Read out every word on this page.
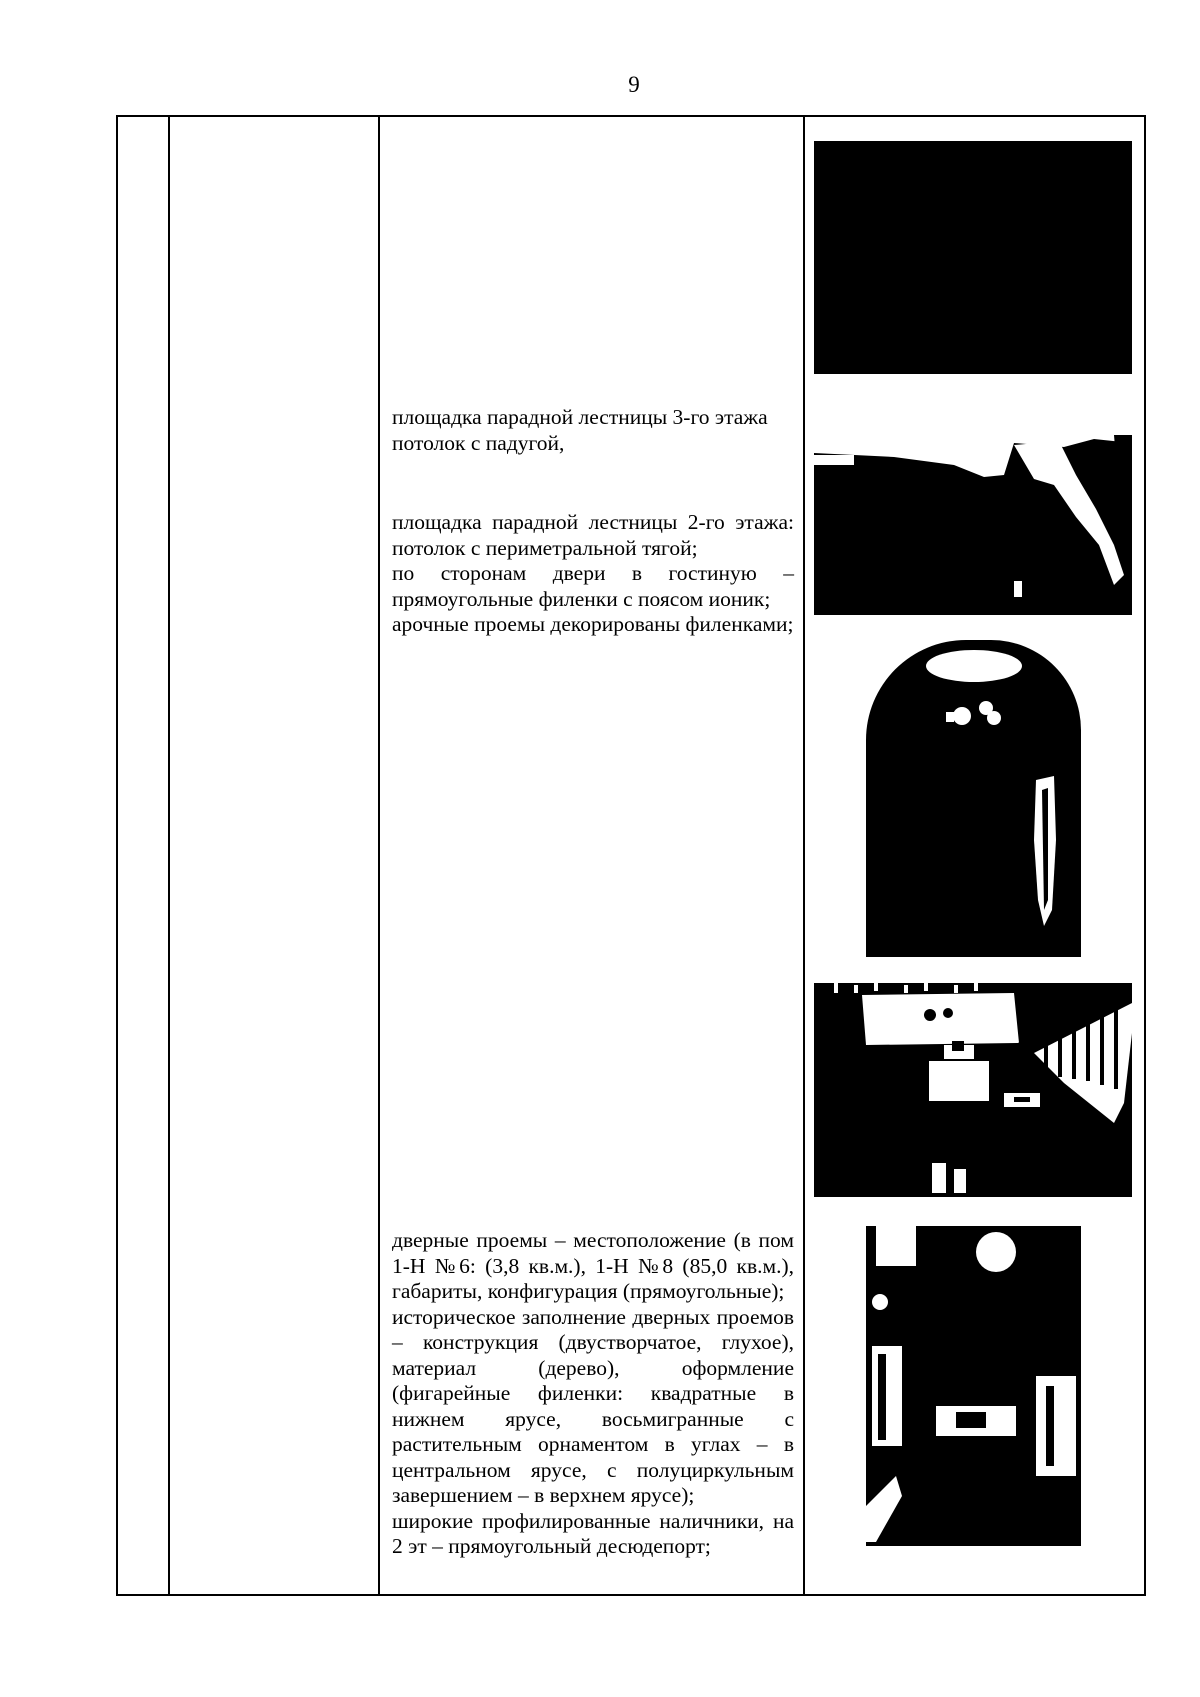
9

площадка парадной лестницы 3-го этажа

потолок с падугой,

площадка парадной лестницы 2-го этажа: потолок с периметральной тягой;

по сторонам двери в гостиную – прямоугольные филенки с поясом ионик;

арочные проемы декорированы филенками;

дверные проемы – местоположение (в пом 1-Н №6: (3,8 кв.м.), 1-Н №8 (85,0 кв.м.), габариты, конфигурация (прямоугольные);

историческое заполнение дверных проемов – конструкция (двустворчатое, глухое), материал (дерево), оформление (фигарейные филенки: квадратные в нижнем ярусе, восьмигранные с растительным орнаментом в углах – в центральном ярусе, с полуциркульным завершением – в верхнем ярусе);

широкие профилированные наличники, на 2 эт – прямоугольный десюдепорт;
